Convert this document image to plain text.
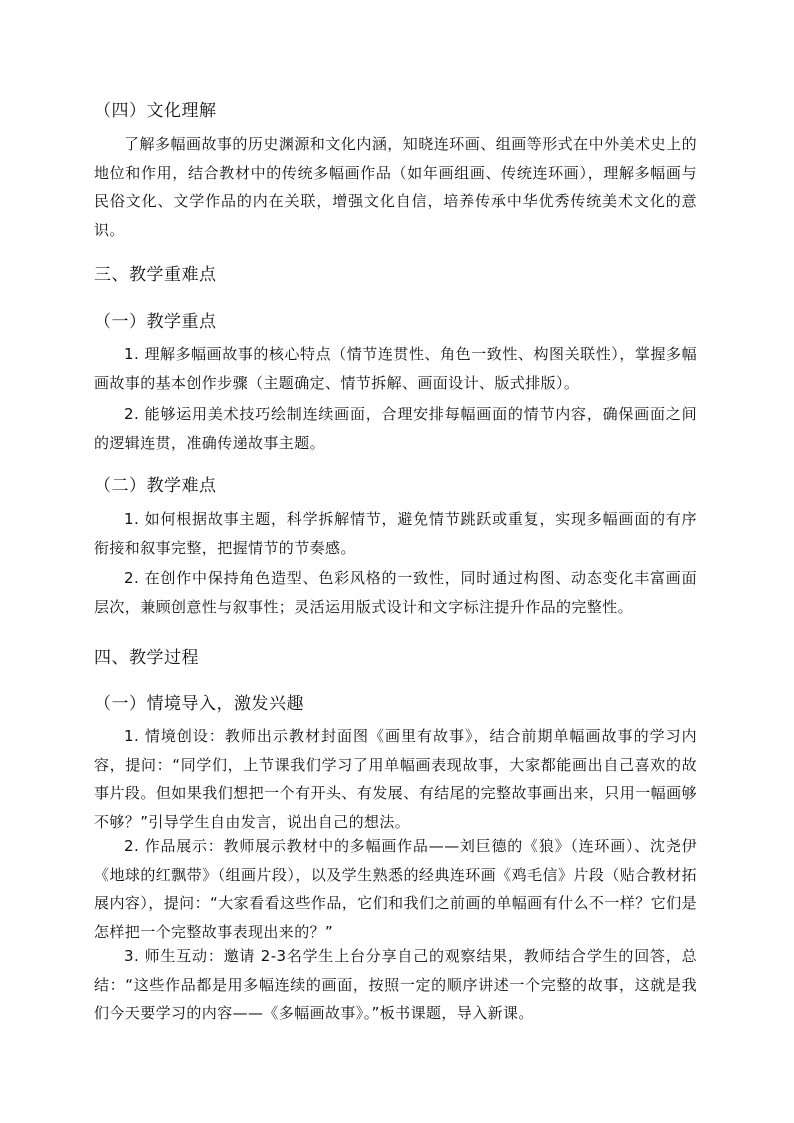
（四）文化理解
了解多幅画故事的历史渊源和文化内涵，知晓连环画、组画等形式在中外美术史上的地位和作用，结合教材中的传统多幅画作品（如年画组画、传统连环画），理解多幅画与民俗文化、文学作品的内在关联，增强文化自信，培养传承中华优秀传统美术文化的意识。
三、教学重难点
（一）教学重点
1. 理解多幅画故事的核心特点（情节连贯性、角色一致性、构图关联性），掌握多幅画故事的基本创作步骤（主题确定、情节拆解、画面设计、版式排版）。
2. 能够运用美术技巧绘制连续画面，合理安排每幅画面的情节内容，确保画面之间的逻辑连贯，准确传递故事主题。
（二）教学难点
1. 如何根据故事主题，科学拆解情节，避免情节跳跃或重复，实现多幅画面的有序衔接和叙事完整，把握情节的节奏感。
2. 在创作中保持角色造型、色彩风格的一致性，同时通过构图、动态变化丰富画面层次，兼顾创意性与叙事性；灵活运用版式设计和文字标注提升作品的完整性。
四、教学过程
（一）情境导入，激发兴趣
1. 情境创设：教师出示教材封面图《画里有故事》，结合前期单幅画故事的学习内容，提问：“同学们，上节课我们学习了用单幅画表现故事，大家都能画出自己喜欢的故事片段。但如果我们想把一个有开头、有发展、有结尾的完整故事画出来，只用一幅画够不够？”引导学生自由发言，说出自己的想法。
2. 作品展示：教师展示教材中的多幅画作品——刘巨德的《狼》（连环画）、沈尧伊《地球的红飘带》（组画片段），以及学生熟悉的经典连环画《鸡毛信》片段（贴合教材拓展内容），提问：“大家看看这些作品，它们和我们之前画的单幅画有什么不一样？它们是怎样把一个完整故事表现出来的？”
3. 师生互动：邀请 2-3名学生上台分享自己的观察结果，教师结合学生的回答，总结：“这些作品都是用多幅连续的画面，按照一定的顺序讲述一个完整的故事，这就是我们今天要学习的内容——《多幅画故事》。”板书课题，导入新课。
